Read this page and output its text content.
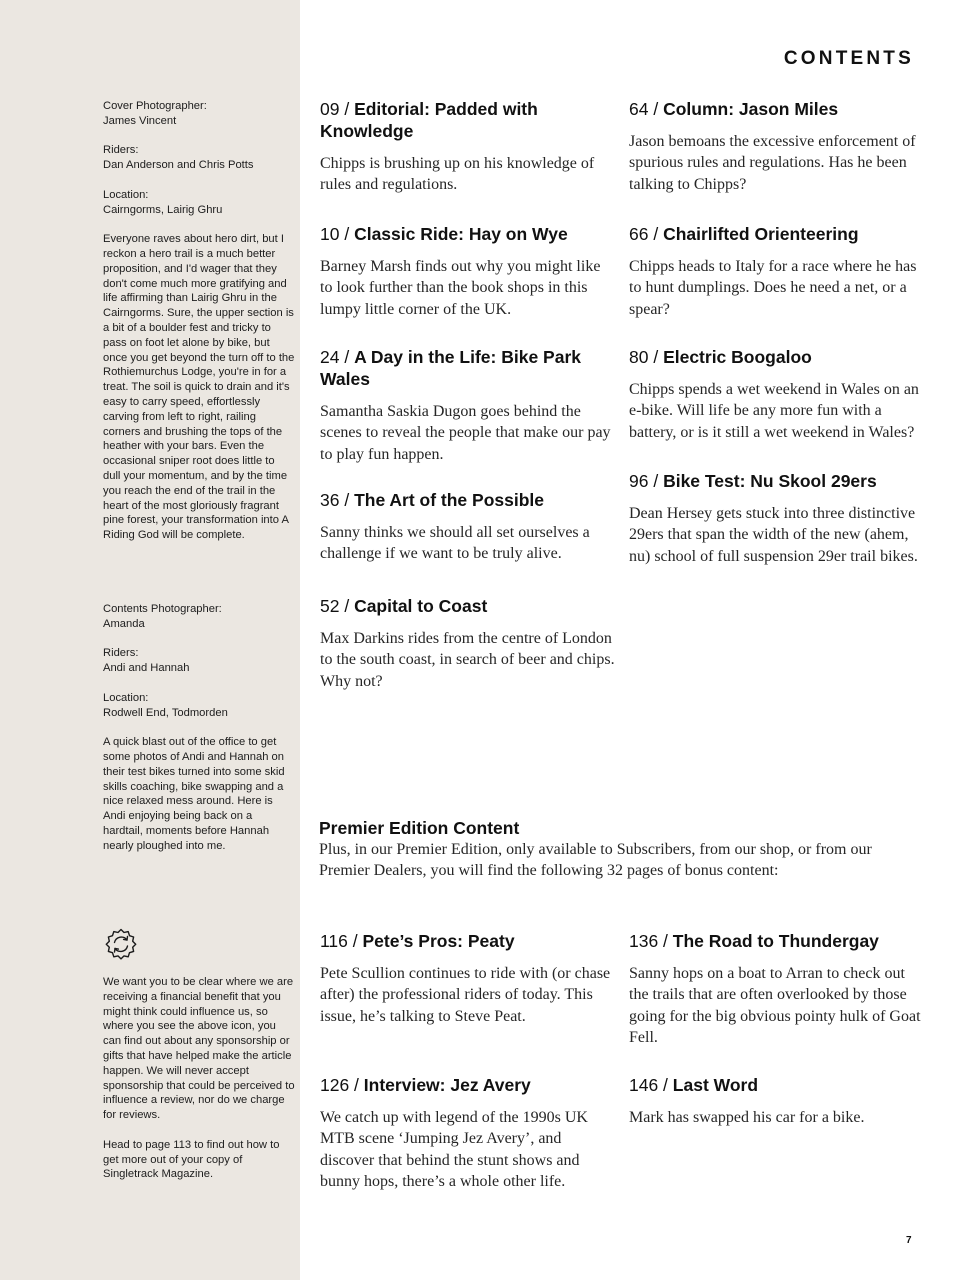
Cover Photographer:
James Vincent

Riders:
Dan Anderson and Chris Potts

Location:
Cairngorms, Lairig Ghru

Everyone raves about hero dirt, but I reckon a hero trail is a much better proposition, and I'd wager that they don't come much more gratifying and life affirming than Lairig Ghru in the Cairngorms. Sure, the upper section is a bit of a boulder fest and tricky to pass on foot let alone by bike, but once you get beyond the turn off to the Rothiemurchus Lodge, you're in for a treat. The soil is quick to drain and it's easy to carry speed, effortlessly carving from left to right, railing corners and brushing the tops of the heather with your bars. Even the occasional sniper root does little to dull your momentum, and by the time you reach the end of the trail in the heart of the most gloriously fragrant pine forest, your transformation into A Riding God will be complete.

Contents Photographer:
Amanda

Riders:
Andi and Hannah

Location:
Rodwell End, Todmorden

A quick blast out of the office to get some photos of Andi and Hannah on their test bikes turned into some skid skills coaching, bike swapping and a nice relaxed mess around. Here is Andi enjoying being back on a hardtail, moments before Hannah nearly ploughed into me.

We want you to be clear where we are receiving a financial benefit that you might think could influence us, so where you see the above icon, you can find out about any sponsorship or gifts that have helped make the article happen. We will never accept sponsorship that could be perceived to influence a review, nor do we charge for reviews.

Head to page 113 to find out how to get more out of your copy of Singletrack Magazine.

CONTENTS
09 / Editorial: Padded with Knowledge

Chipps is brushing up on his knowledge of rules and regulations.

10 / Classic Ride: Hay on Wye

Barney Marsh finds out why you might like to look further than the book shops in this lumpy little corner of the UK.

24 / A Day in the Life: Bike Park Wales

Samantha Saskia Dugon goes behind the scenes to reveal the people that make our pay to play fun happen.

36 / The Art of the Possible

Sanny thinks we should all set ourselves a challenge if we want to be truly alive.

52 / Capital to Coast

Max Darkins rides from the centre of London to the south coast, in search of beer and chips. Why not?

64 / Column: Jason Miles

Jason bemoans the excessive enforcement of spurious rules and regulations. Has he been talking to Chipps?

66 / Chairlifted Orienteering

Chipps heads to Italy for a race where he has to hunt dumplings. Does he need a net, or a spear?

80 / Electric Boogaloo

Chipps spends a wet weekend in Wales on an e-bike. Will life be any more fun with a battery, or is it still a wet weekend in Wales?

96 / Bike Test: Nu Skool 29ers

Dean Hersey gets stuck into three distinctive 29ers that span the width of the new (ahem, nu) school of full suspension 29er trail bikes.

Premier Edition Content

Plus, in our Premier Edition, only available to Subscribers, from our shop, or from our Premier Dealers, you will find the following 32 pages of bonus content:

116 / Pete’s Pros: Peaty

Pete Scullion continues to ride with (or chase after) the professional riders of today. This issue, he’s talking to Steve Peat.

126 / Interview: Jez Avery

We catch up with legend of the 1990s UK MTB scene ‘Jumping Jez Avery’, and discover that behind the stunt shows and bunny hops, there’s a whole other life.

136 / The Road to Thundergay

Sanny hops on a boat to Arran to check out the trails that are often overlooked by those going for the big obvious pointy hulk of Goat Fell.

146 / Last Word

Mark has swapped his car for a bike.

7
